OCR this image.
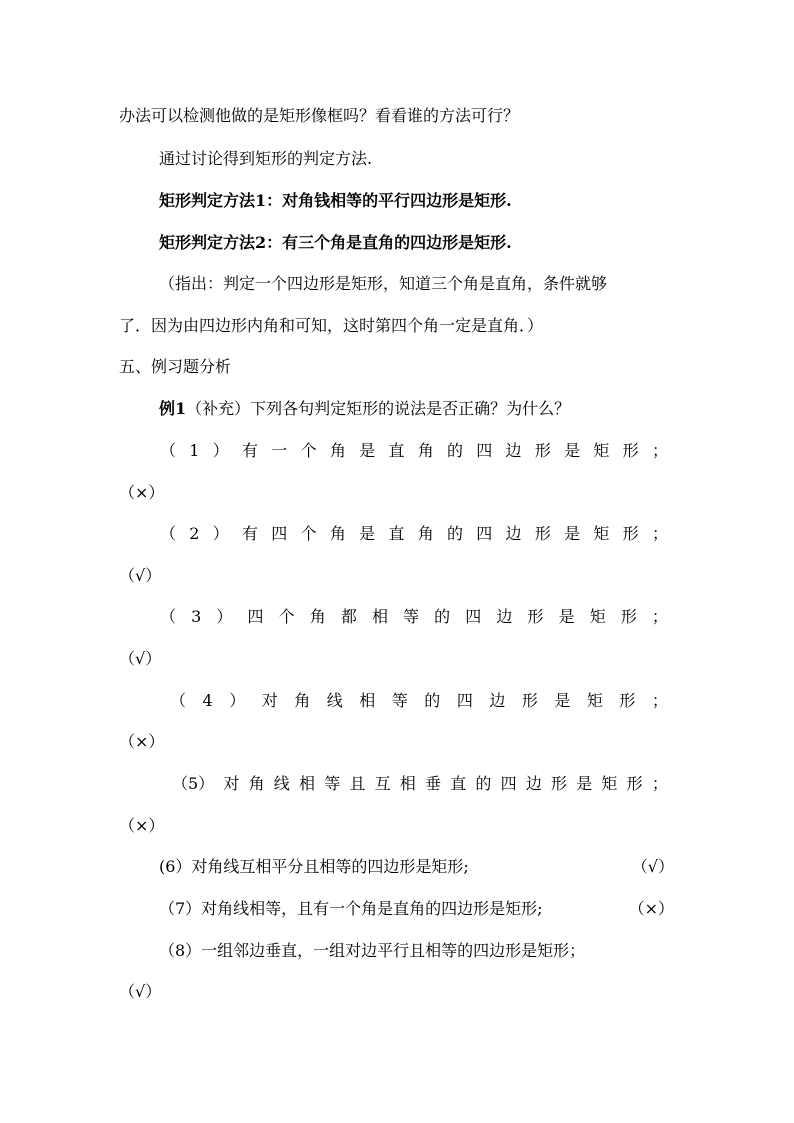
办法可以检测他做的是矩形像框吗？看看谁的方法可行？
通过讨论得到矩形的判定方法.
矩形判定方法1：对角钱相等的平行四边形是矩形.
矩形判定方法2：有三个角是直角的四边形是矩形.
（指出：判定一个四边形是矩形，知道三个角是直角，条件就够
了．因为由四边形内角和可知，这时第四个角一定是直角．）
五、例习题分析
例1（补充）下列各句判定矩形的说法是否正确？为什么？
（ 1 ） 有 一 个 角 是 直 角 的 四 边 形 是 矩 形 ；
（×）
（ 2 ） 有 四 个 角 是 直 角 的 四 边 形 是 矩 形 ；
（√）
（ 3 ） 四 个 角 都 相 等 的 四 边 形 是 矩 形 ；
（√）
（ 4 ） 对 角 线 相 等 的 四 边 形 是 矩 形 ；
（×）
（5） 对 角 线 相 等 且 互 相 垂 直 的 四 边 形 是 矩 形 ；
（×）
(6）对角线互相平分且相等的四边形是矩形;	（√）
（7）对角线相等，且有一个角是直角的四边形是矩形;	（×）
（8）一组邻边垂直，一组对边平行且相等的四边形是矩形；
（√）
